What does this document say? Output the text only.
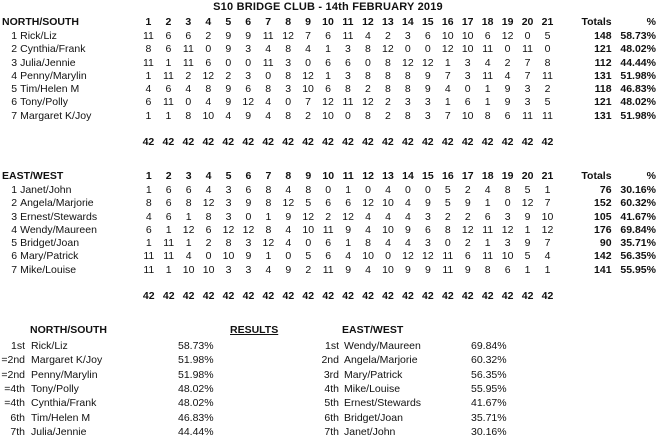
S10 BRIDGE CLUB - 14th FEBRUARY 2019
NORTH/SOUTH		1	2	3	4	5	6	7	8	9	10	11	12	13	14	15	16	17	18	19	20	21		Totals	%
1	Rick/Liz	11	6	6	2	9	9	11	12	7	6	11	4	2	3	6	10	10	6	12	0	5		148	58.73%
2	Cynthia/Frank	8	6	11	0	9	3	4	8	4	1	3	8	12	0	0	12	10	11	0	11	0		121	48.02%
3	Julia/Jennie	11	1	11	6	0	0	11	3	0	6	6	0	8	12	12	1	3	4	2	7	8		112	44.44%
4	Penny/Marylin	1	11	2	12	2	3	0	8	12	1	3	8	8	8	9	7	3	11	4	7	11		131	51.98%
5	Tim/Helen M	4	6	4	8	9	6	8	3	10	6	8	2	8	8	9	4	0	1	9	3	2		118	46.83%
6	Tony/Polly	6	11	0	4	9	12	4	0	7	12	11	12	2	3	3	1	6	1	9	3	5		121	48.02%
7	Margaret K/Joy	1	1	8	10	4	9	4	8	2	10	0	8	2	8	3	7	10	8	6	11	11		131	51.98%

		42	42	42	42	42	42	42	42	42	42	42	42	42	42	42	42	42	42	42	42	42			
EAST/WEST		1	2	3	4	5	6	7	8	9	10	11	12	13	14	15	16	17	18	19	20	21		Totals	%
1	Janet/John	1	6	6	4	3	6	8	4	8	0	1	0	4	0	0	5	2	4	8	5	1		76	30.16%
2	Angela/Marjorie	8	6	8	12	3	9	8	12	5	6	6	12	10	4	9	5	9	1	0	12	7		152	60.32%
3	Ernest/Stewards	4	6	1	8	3	0	1	9	12	2	12	4	4	4	3	2	2	6	3	9	10		105	41.67%
4	Wendy/Maureen	6	1	12	6	12	12	8	4	10	11	9	4	10	9	6	8	12	11	12	1	12		176	69.84%
5	Bridget/Joan	1	11	1	2	8	3	12	4	0	6	1	8	4	4	3	0	2	1	3	9	7		90	35.71%
6	Mary/Patrick	11	11	4	0	10	9	1	0	5	6	4	10	0	12	12	11	6	11	10	5	4		142	56.35%
7	Mike/Louise	11	1	10	10	3	3	4	9	2	11	9	4	10	9	9	11	9	8	6	1	1		141	55.95%

		42	42	42	42	42	42	42	42	42	42	42	42	42	42	42	42	42	42	42	42	42			
NORTH/SOUTH	RESULTS	EAST/WEST
1st Rick/Liz	58.73%
=2nd Margaret K/Joy	51.98%
=2nd Penny/Marylin	51.98%
=4th Tony/Polly	48.02%
=4th Cynthia/Frank	48.02%
6th Tim/Helen M	46.83%
7th Julia/Jennie	44.44%
1st Wendy/Maureen	69.84%
2nd Angela/Marjorie	60.32%
3rd Mary/Patrick	56.35%
4th Mike/Louise	55.95%
5th Ernest/Stewards	41.67%
6th Bridget/Joan	35.71%
7th Janet/John	30.16%
